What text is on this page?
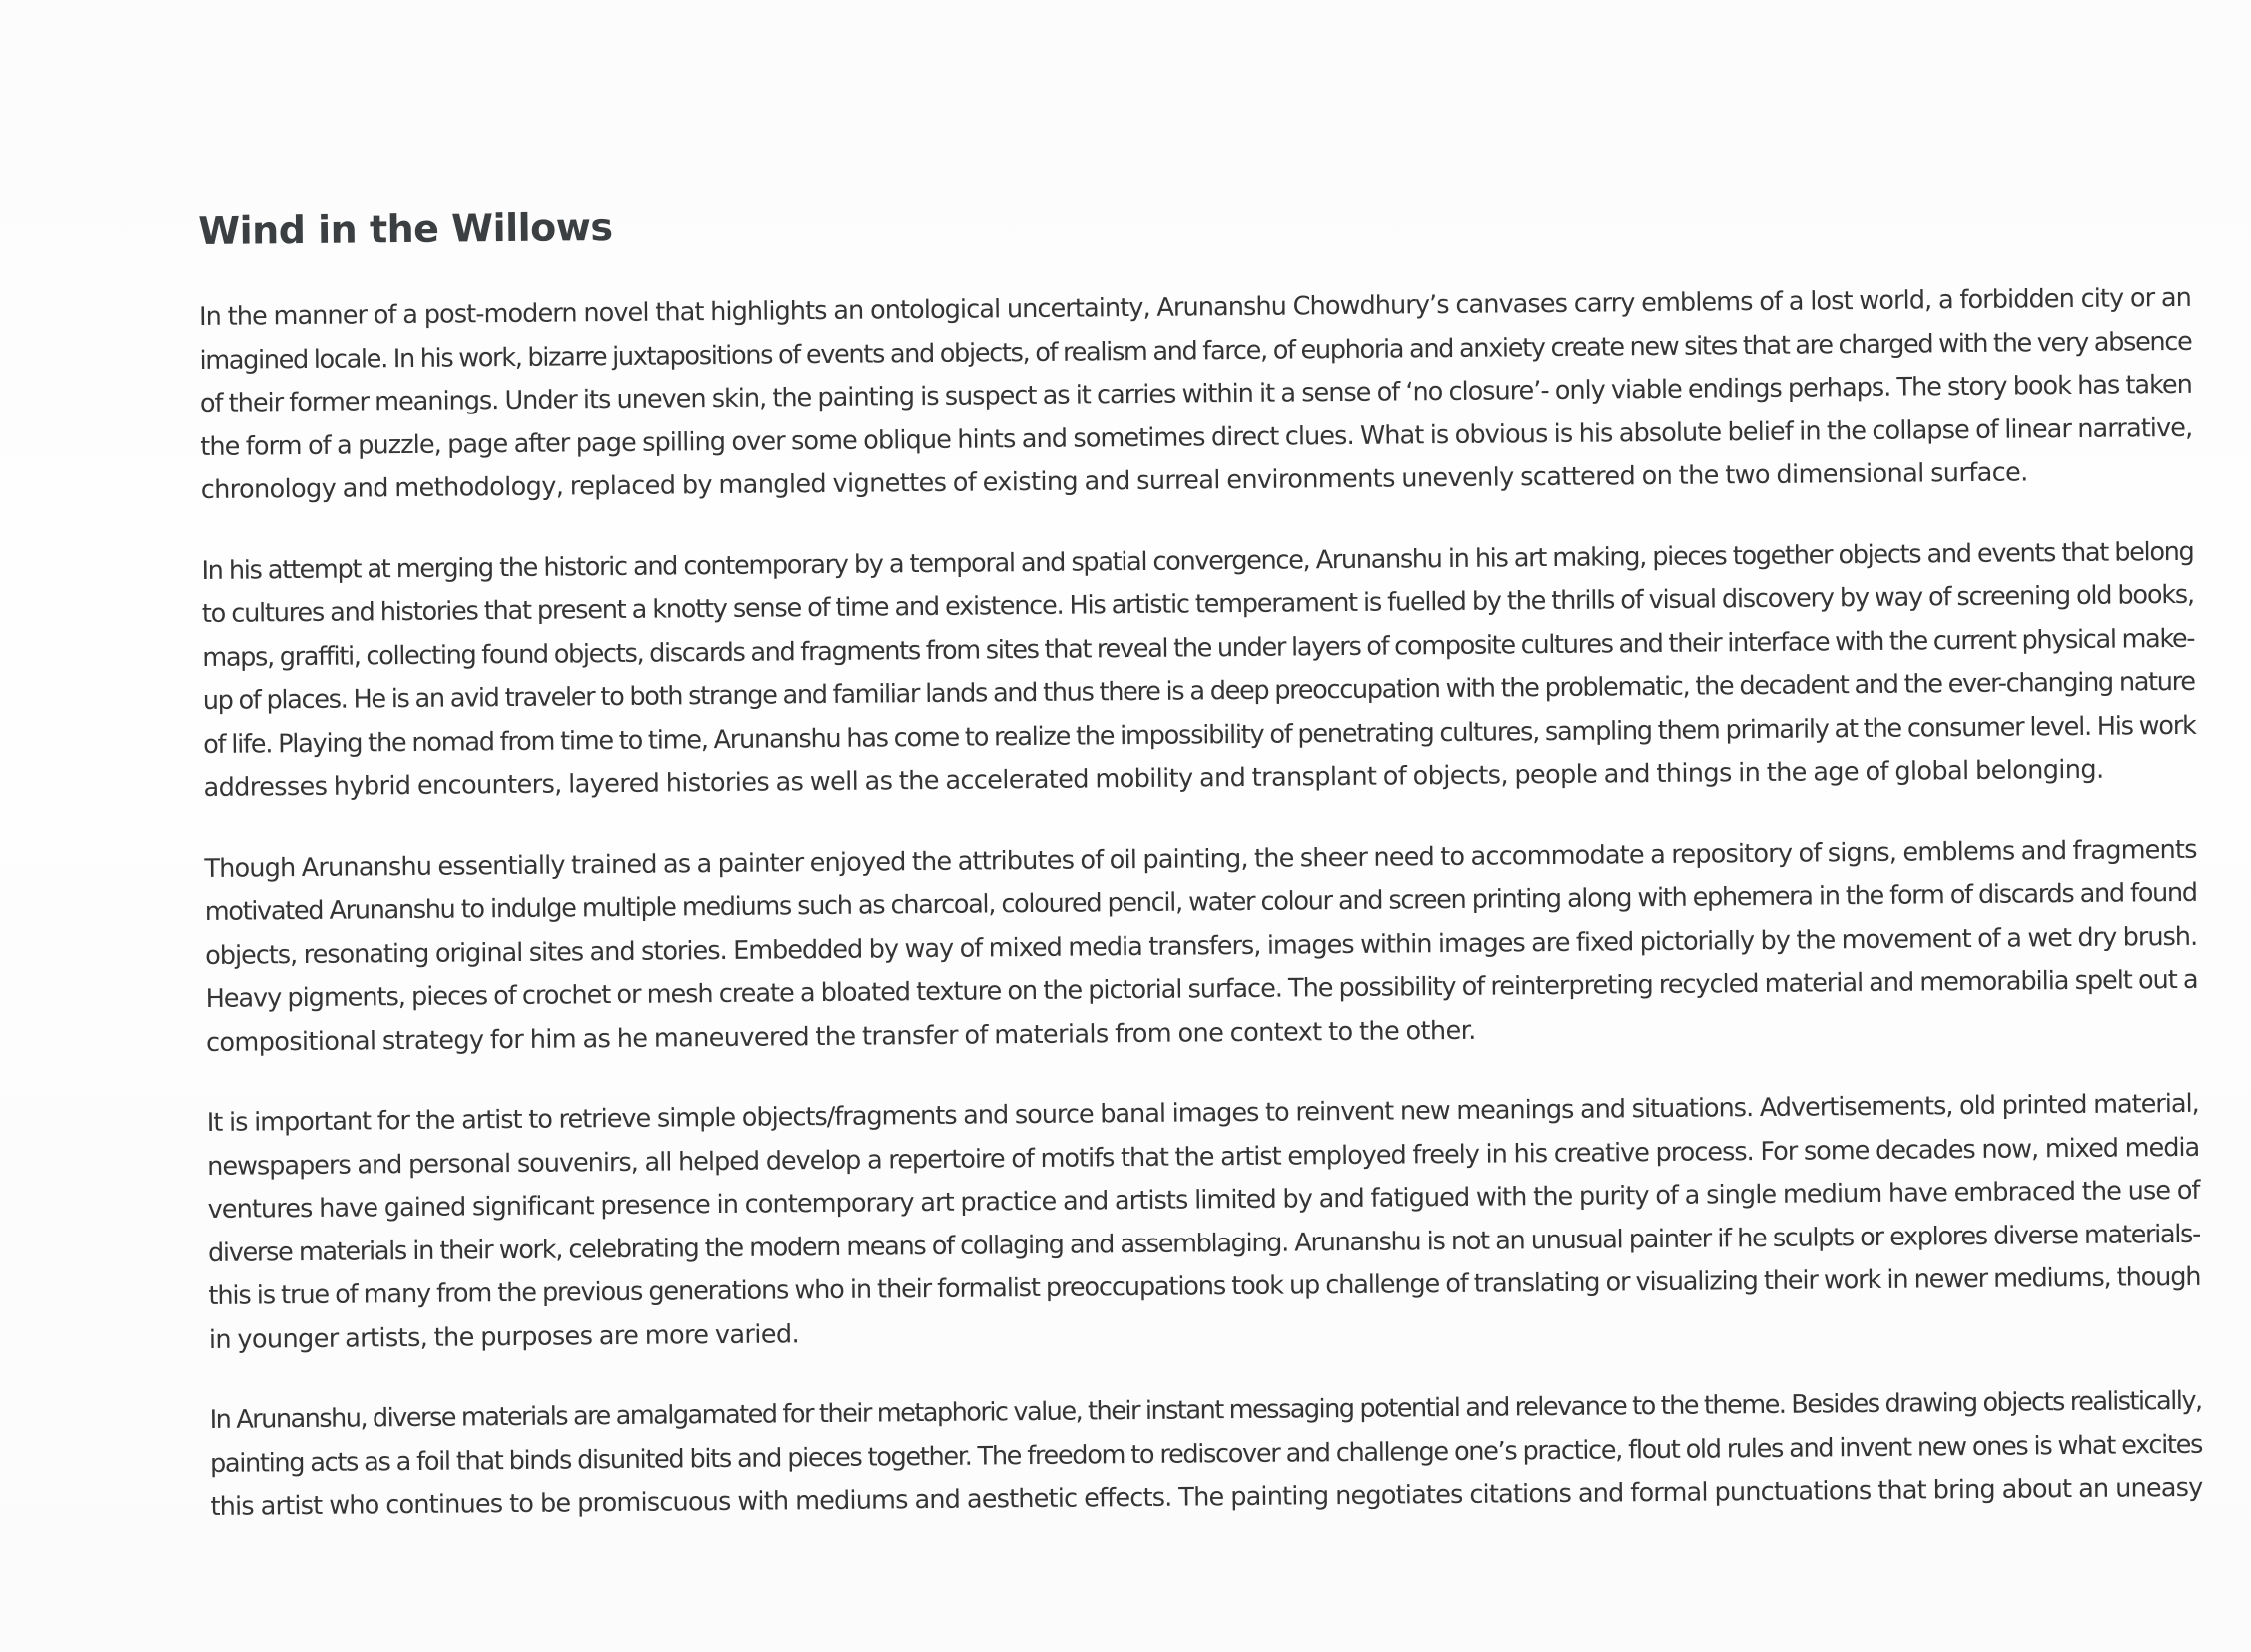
Wind in the Willows
In the manner of a post-modern novel that highlights an ontological uncertainty, Arunanshu Chowdhury’s canvases carry emblems of a lost world, a forbidden city or an
imagined locale. In his work, bizarre juxtapositions of events and objects, of realism and farce, of euphoria and anxiety create new sites that are charged with the very absence
of their former meanings. Under its uneven skin, the painting is suspect as it carries within it a sense of ‘no closure’- only viable endings perhaps. The story book has taken
the form of a puzzle, page after page spilling over some oblique hints and sometimes direct clues. What is obvious is his absolute belief in the collapse of linear narrative,
chronology and methodology, replaced by mangled vignettes of existing and surreal environments unevenly scattered on the two dimensional surface.
In his attempt at merging the historic and contemporary by a temporal and spatial convergence, Arunanshu in his art making, pieces together objects and events that belong
to cultures and histories that present a knotty sense of time and existence. His artistic temperament is fuelled by the thrills of visual discovery by way of screening old books,
maps, graffiti, collecting found objects, discards and fragments from sites that reveal the under layers of composite cultures and their interface with the current physical make-
up of places. He is an avid traveler to both strange and familiar lands and thus there is a deep preoccupation with the problematic, the decadent and the ever-changing nature
of life. Playing the nomad from time to time, Arunanshu has come to realize the impossibility of penetrating cultures, sampling them primarily at the consumer level. His work
addresses hybrid encounters, layered histories as well as the accelerated mobility and transplant of objects, people and things in the age of global belonging.
Though Arunanshu essentially trained as a painter enjoyed the attributes of oil painting, the sheer need to accommodate a repository of signs, emblems and fragments
motivated Arunanshu to indulge multiple mediums such as charcoal, coloured pencil, water colour and screen printing along with ephemera in the form of discards and found
objects, resonating original sites and stories. Embedded by way of mixed media transfers, images within images are fixed pictorially by the movement of a wet dry brush.
Heavy pigments, pieces of crochet or mesh create a bloated texture on the pictorial surface. The possibility of reinterpreting recycled material and memorabilia spelt out a
compositional strategy for him as he maneuvered the transfer of materials from one context to the other.
It is important for the artist to retrieve simple objects/fragments and source banal images to reinvent new meanings and situations. Advertisements, old printed material,
newspapers and personal souvenirs, all helped develop a repertoire of motifs that the artist employed freely in his creative process. For some decades now, mixed media
ventures have gained significant presence in contemporary art practice and artists limited by and fatigued with the purity of a single medium have embraced the use of
diverse materials in their work, celebrating the modern means of collaging and assemblaging. Arunanshu is not an unusual painter if he sculpts or explores diverse materials-
this is true of many from the previous generations who in their formalist preoccupations took up challenge of translating or visualizing their work in newer mediums, though
in younger artists, the purposes are more varied.
In Arunanshu, diverse materials are amalgamated for their metaphoric value, their instant messaging potential and relevance to the theme. Besides drawing objects realistically,
painting acts as a foil that binds disunited bits and pieces together. The freedom to rediscover and challenge one’s practice, flout old rules and invent new ones is what excites
this artist who continues to be promiscuous with mediums and aesthetic effects. The painting negotiates citations and formal punctuations that bring about an uneasy
